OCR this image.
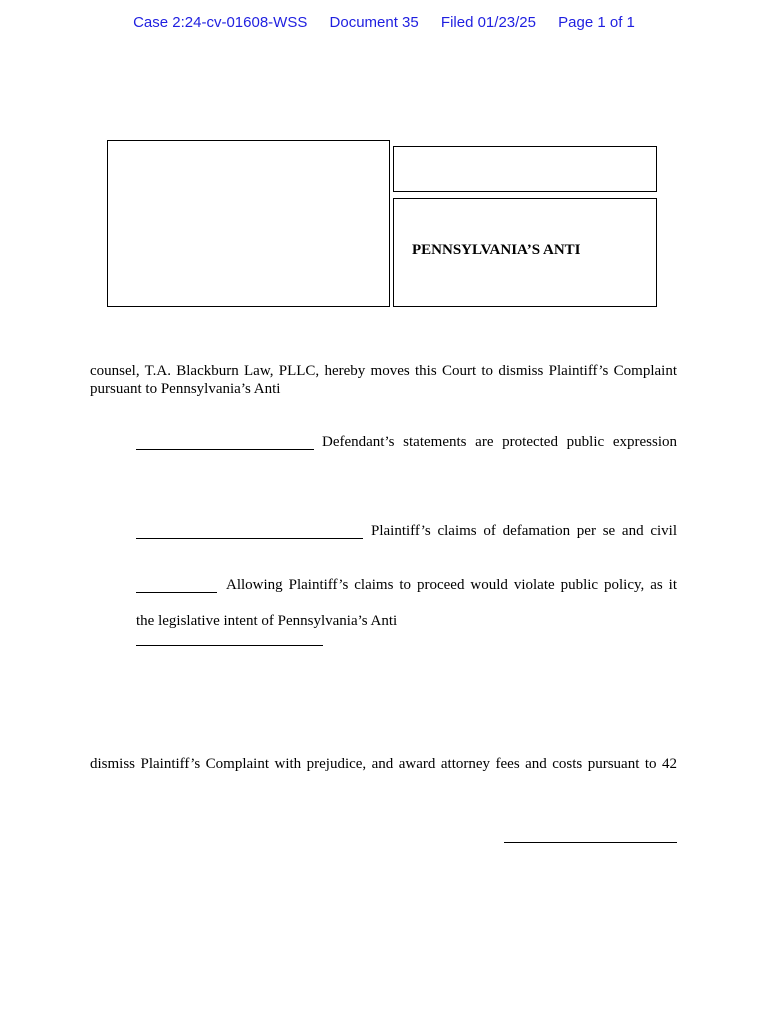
Case 2:24-cv-01608-WSS Document 35 Filed 01/23/25 Page 1 of 1
PENNSYLVANIA’S ANTI
counsel, T.A. Blackburn Law, PLLC, hereby moves this Court to dismiss Plaintiff’s Complaint
pursuant to Pennsylvania’s Anti
Defendant’s statements are protected public expression
Plaintiff’s claims of defamation per se and civil
Allowing Plaintiff’s claims to proceed would violate public policy, as it
the legislative intent of Pennsylvania’s Anti
dismiss Plaintiff’s Complaint with prejudice, and award attorney fees and costs pursuant to 42
